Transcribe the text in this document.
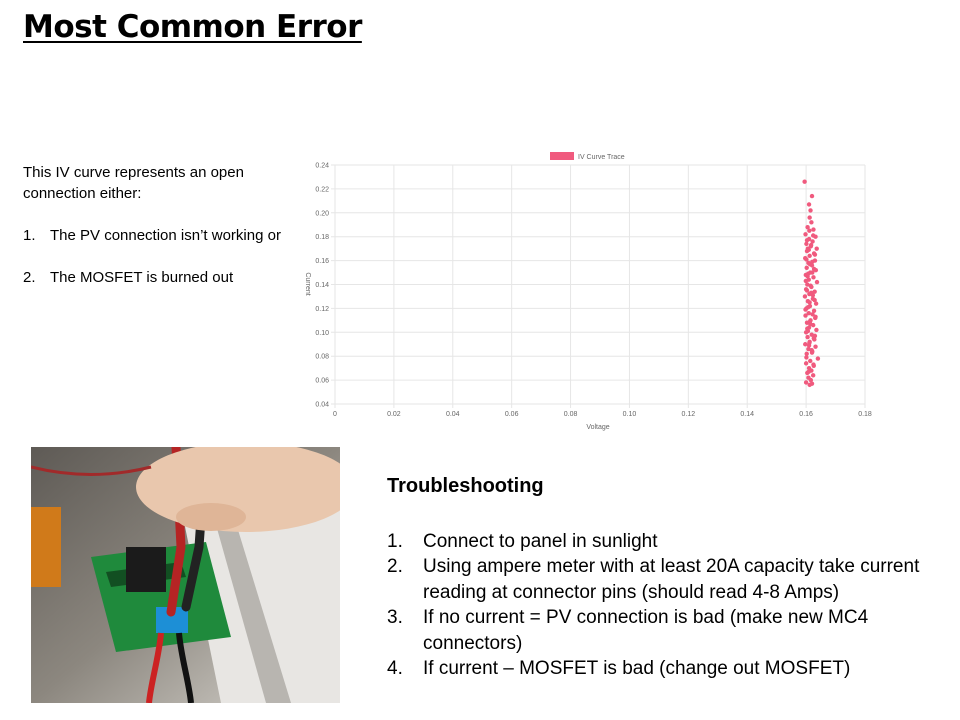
Most Common Error

This IV curve represents an open connection either:

1. The PV connection isn’t working or
2. The MOSFET is burned out
IV Curve Trace
0.04
0.06
0.08
0.10
0.12
0.14
0.16
0.18
0.20
0.22
0.24
0	0.02	0.04	0.06	0.08	0.10	0.12	0.14	0.16	0.18
Voltage
Current
Troubleshooting
1. Connect to panel in sunlight
2. Using ampere meter with at least 20A capacity take current reading at connector pins (should read 4-8 Amps)
3. If no current = PV connection is bad (make new MC4 connectors)
4. If current – MOSFET is bad (change out MOSFET)
